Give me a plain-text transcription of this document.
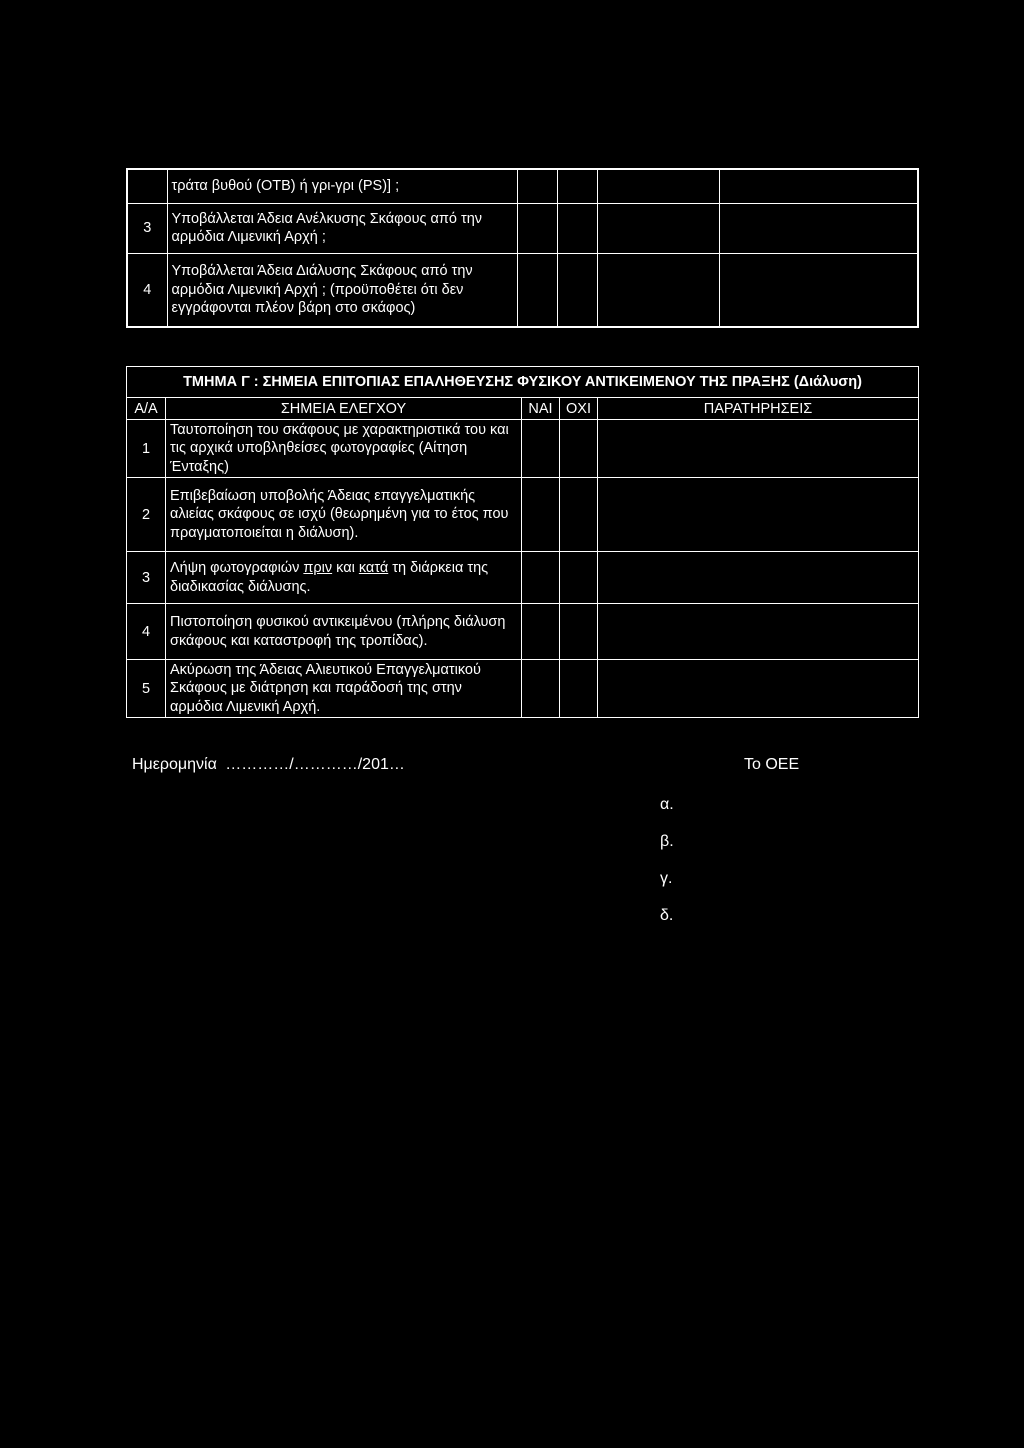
	τράτα βυθού (ΟΤΒ) ή γρι-γρι (PS)] ;				
3	Υποβάλλεται Άδεια Ανέλκυσης Σκάφους από την αρμόδια Λιμενική Αρχή ;				
4	Υποβάλλεται Άδεια Διάλυσης Σκάφους από την αρμόδια Λιμενική Αρχή ; (προϋποθέτει ότι δεν εγγράφονται πλέον βάρη στο σκάφος)				
ΤΜΗΜΑ Γ : ΣΗΜΕΙΑ ΕΠΙΤΟΠΙΑΣ ΕΠΑΛΗΘΕΥΣΗΣ ΦΥΣΙΚΟΥ ΑΝΤΙΚΕΙΜΕΝΟΥ ΤΗΣ ΠΡΑΞΗΣ (Διάλυση)				
Α/Α	ΣΗΜΕΙΑ ΕΛΕΓΧΟΥ	ΝΑΙ	ΟΧΙ	ΠΑΡΑΤΗΡΗΣΕΙΣ
1	Ταυτοποίηση του σκάφους με χαρακτηριστικά του και τις αρχικά υποβληθείσες φωτογραφίες (Αίτηση Ένταξης)			
2	Επιβεβαίωση υποβολής Άδειας επαγγελματικής αλιείας σκάφους σε ισχύ (θεωρημένη για το έτος που πραγματοποιείται η διάλυση).			
3	Λήψη φωτογραφιών πριν και κατά τη διάρκεια της διαδικασίας διάλυσης.			
4	Πιστοποίηση φυσικού αντικειμένου (πλήρης διάλυση σκάφους και καταστροφή της τροπίδας).			
5	Ακύρωση της Άδειας Αλιευτικού Επαγγελματικού Σκάφους με διάτρηση και παράδοσή της στην αρμόδια Λιμενική Αρχή.			
Ημερομηνία …………/…………/201…	Το ΟΕΕ
α.
β.
γ.
δ.
